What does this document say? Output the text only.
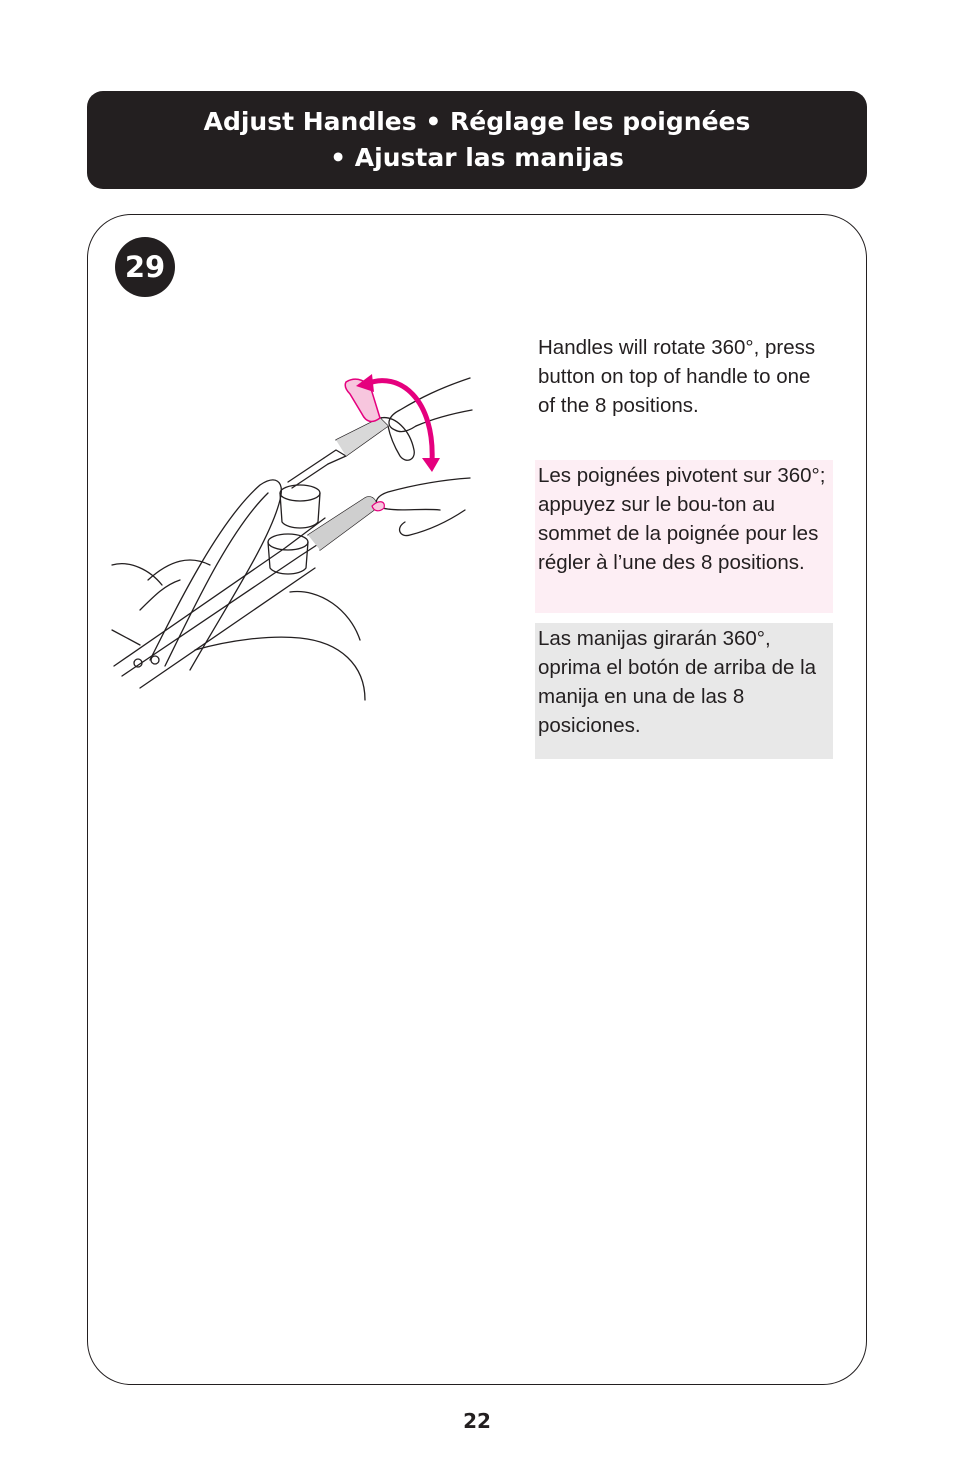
Adjust Handles • Réglage les poignées
• Ajustar las manijas
29
Handles will rotate 360°, press button on top of handle to one of the 8 positions.
Les poignées pivotent sur 360°; appuyez sur le bou-ton au sommet de la poignée pour les régler à l’une des 8 positions.
Las manijas girarán 360°, oprima el botón de arriba de la manija en una de las 8 posiciones.
22
